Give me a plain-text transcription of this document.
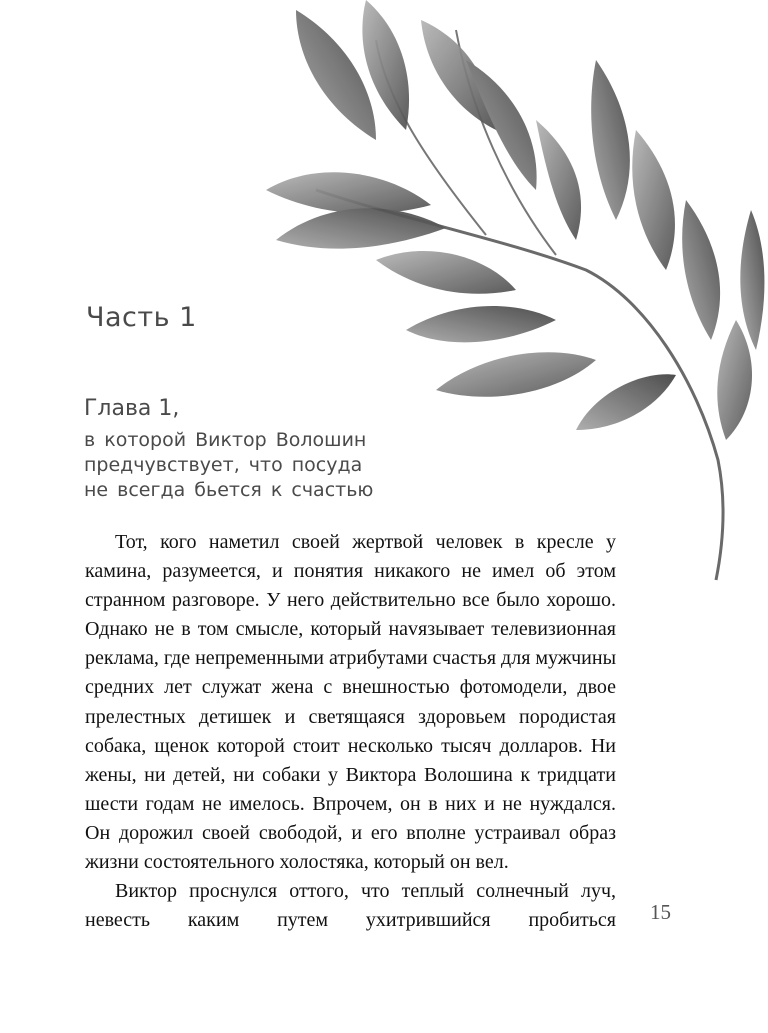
Часть 1
Глава 1,
в которой Виктор Волошин
предчувствует, что посуда
не всегда бьется к счастью

Тот, кого наметил своей жертвой человек в кресле у камина, разумеется, и понятия никакого не имел об этом странном разговоре. У него действительно все было хорошо. Однако не в том смысле, который наvязывает телевизионная реклама, где непременными атрибутами счастья для мужчины средних лет служат жена с внешностью фотомодели, двое прелестных детишек и светящаяся здоровьем породистая собака, щенок которой стоит несколько тысяч долларов. Ни жены, ни детей, ни собаки у Виктора Волошина к тридцати шести годам не имелось. Впрочем, он в них и не нуждался. Он дорожил своей свободой, и его вполне устраивал образ жизни состоятельного холостяка, который он вел.

Виктор проснулся оттого, что теплый солнечный луч, невесть каким путем ухитрившийся пробиться 15
